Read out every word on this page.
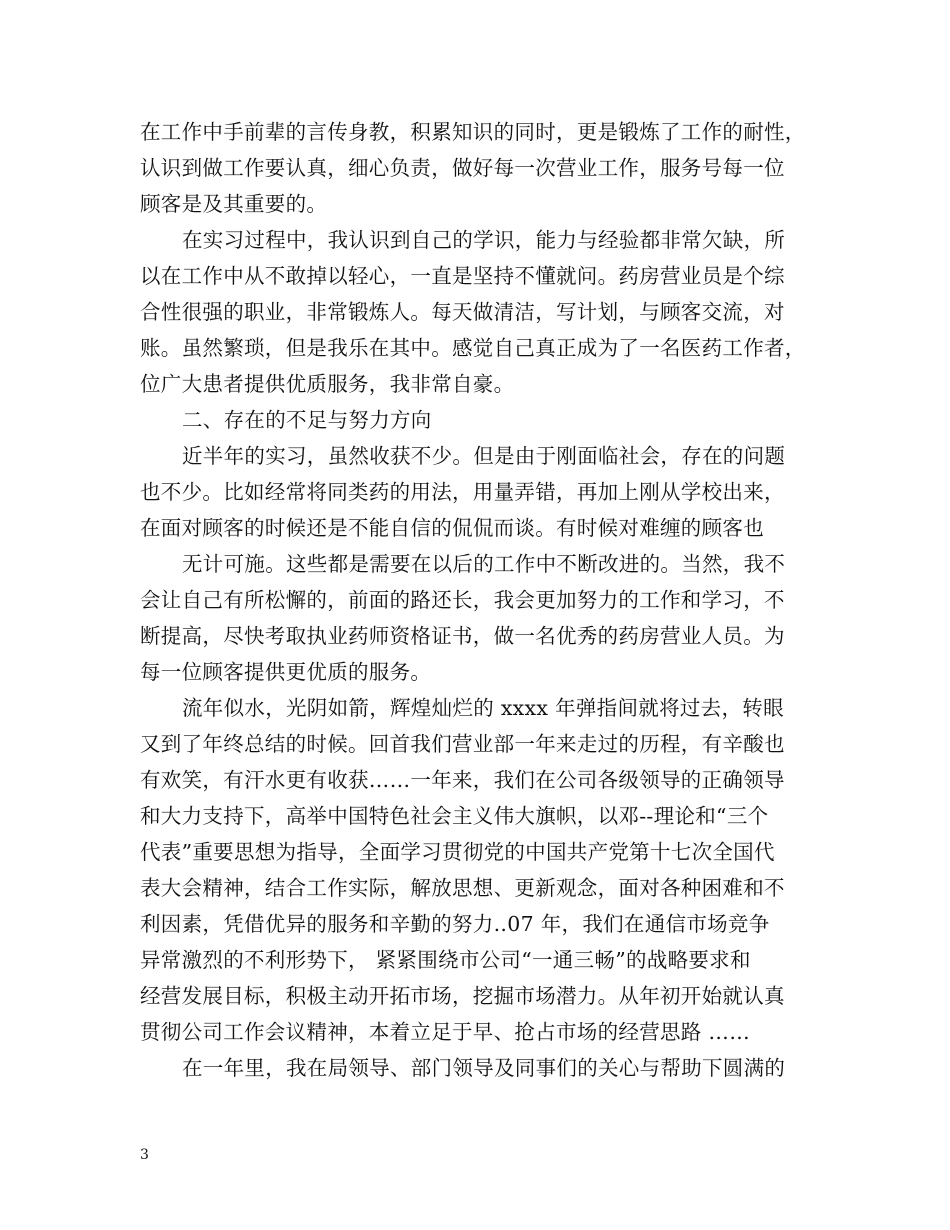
在工作中手前辈的言传身教，积累知识的同时，更是锻炼了工作的耐性，
认识到做工作要认真，细心负责，做好每一次营业工作，服务号每一位
顾客是及其重要的。
在实习过程中，我认识到自己的学识，能力与经验都非常欠缺，所
以在工作中从不敢掉以轻心，一直是坚持不懂就问。药房营业员是个综
合性很强的职业，非常锻炼人。每天做清洁，写计划，与顾客交流，对
账。虽然繁琐，但是我乐在其中。感觉自己真正成为了一名医药工作者，
位广大患者提供优质服务，我非常自豪。
二、存在的不足与努力方向
近半年的实习，虽然收获不少。但是由于刚面临社会，存在的问题
也不少。比如经常将同类药的用法，用量弄错，再加上刚从学校出来，
在面对顾客的时候还是不能自信的侃侃而谈。有时候对难缠的顾客也
无计可施。这些都是需要在以后的工作中不断改进的。当然，我不
会让自己有所松懈的，前面的路还长，我会更加努力的工作和学习，不
断提高，尽快考取执业药师资格证书，做一名优秀的药房营业人员。为
每一位顾客提供更优质的服务。
流年似水，光阴如箭，辉煌灿烂的 xxxx 年弹指间就将过去，转眼
又到了年终总结的时候。回首我们营业部一年来走过的历程，有辛酸也
有欢笑，有汗水更有收获……一年来，我们在公司各级领导的正确领导
和大力支持下，高举中国特色社会主义伟大旗帜，以邓--理论和“三个
代表”重要思想为指导，全面学习贯彻党的中国共产党第十七次全国代
表大会精神，结合工作实际，解放思想、更新观念，面对各种困难和不
利因素，凭借优异的服务和辛勤的努力..07 年，我们在通信市场竞争
异常激烈的不利形势下， 紧紧围绕市公司“一通三畅”的战略要求和
经营发展目标，积极主动开拓市场，挖掘市场潜力。从年初开始就认真
贯彻公司工作会议精神，本着立足于早、抢占市场的经营思路 ……
在一年里，我在局领导、部门领导及同事们的关心与帮助下圆满的
3
